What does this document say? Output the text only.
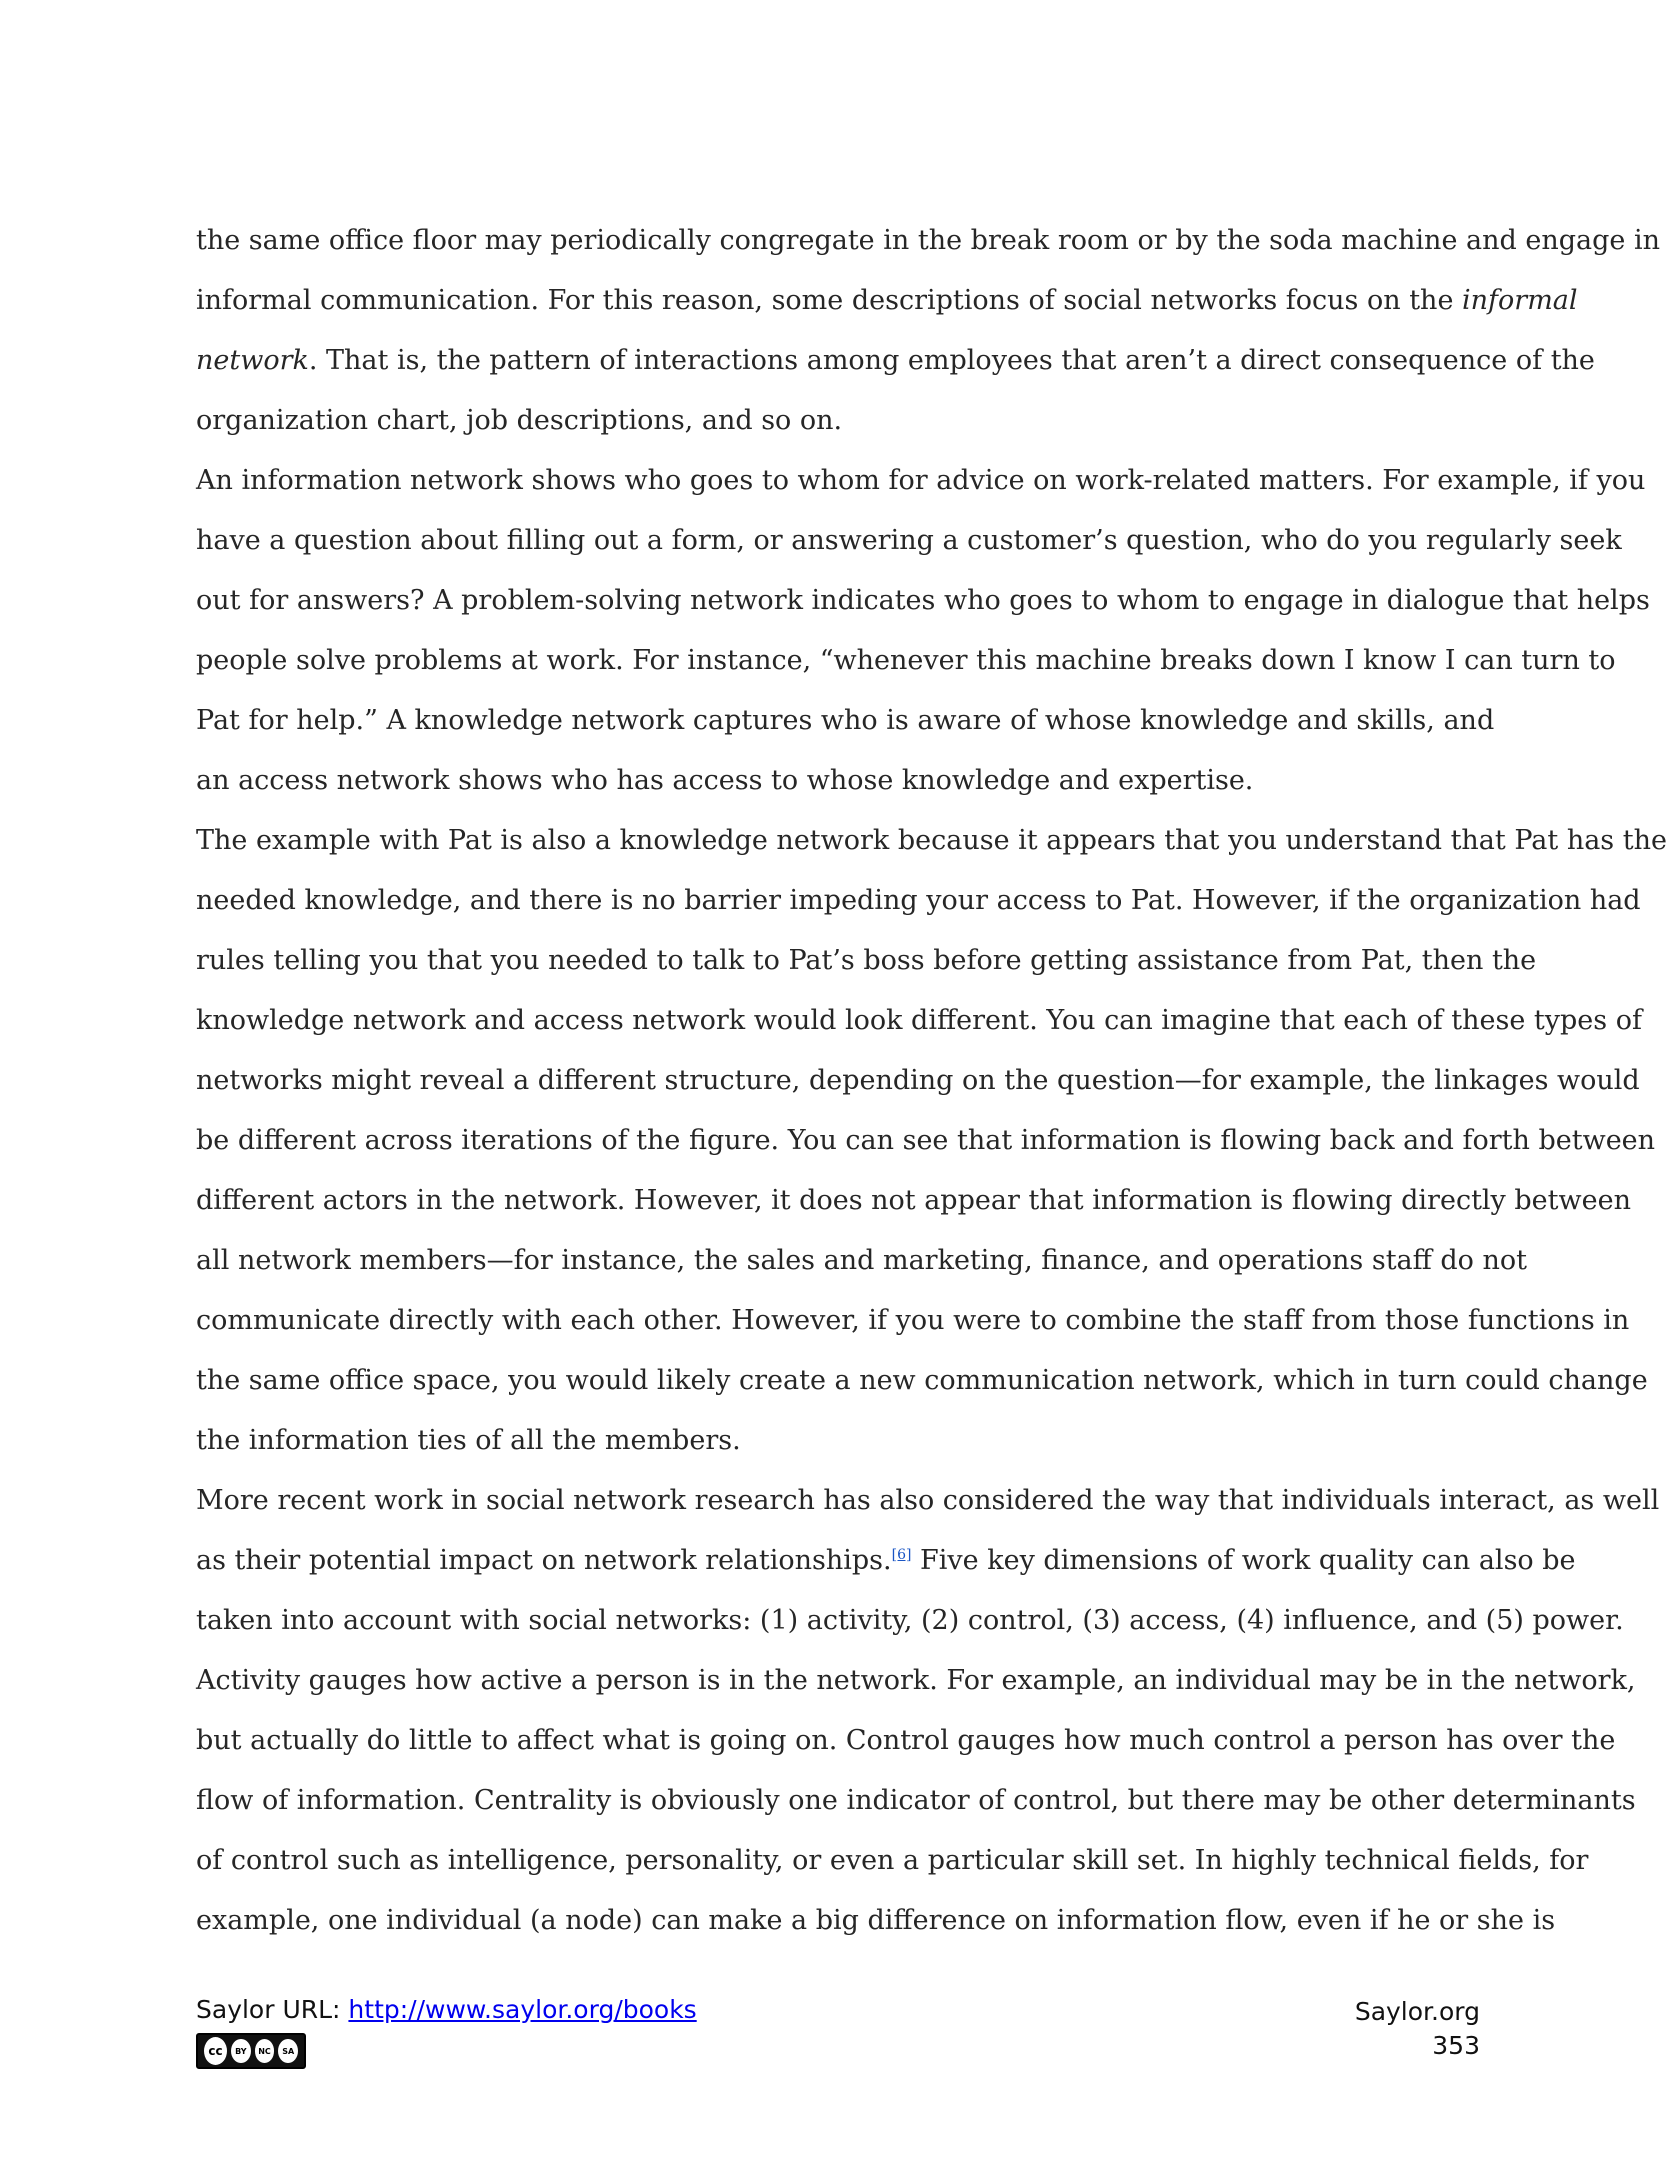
the same office floor may periodically congregate in the break room or by the soda machine and engage in
informal communication. For this reason, some descriptions of social networks focus on the informal
network. That is, the pattern of interactions among employees that aren’t a direct consequence of the
organization chart, job descriptions, and so on.
An information network shows who goes to whom for advice on work-related matters. For example, if you
have a question about filling out a form, or answering a customer’s question, who do you regularly seek
out for answers? A problem-solving network indicates who goes to whom to engage in dialogue that helps
people solve problems at work. For instance, “whenever this machine breaks down I know I can turn to
Pat for help.” A knowledge network captures who is aware of whose knowledge and skills, and
an access network shows who has access to whose knowledge and expertise.
The example with Pat is also a knowledge network because it appears that you understand that Pat has the
needed knowledge, and there is no barrier impeding your access to Pat. However, if the organization had
rules telling you that you needed to talk to Pat’s boss before getting assistance from Pat, then the
knowledge network and access network would look different. You can imagine that each of these types of
networks might reveal a different structure, depending on the question—for example, the linkages would
be different across iterations of the figure. You can see that information is flowing back and forth between
different actors in the network. However, it does not appear that information is flowing directly between
all network members—for instance, the sales and marketing, finance, and operations staff do not
communicate directly with each other. However, if you were to combine the staff from those functions in
the same office space, you would likely create a new communication network, which in turn could change
the information ties of all the members.
More recent work in social network research has also considered the way that individuals interact, as well
as their potential impact on network relationships.[6] Five key dimensions of work quality can also be
taken into account with social networks: (1) activity, (2) control, (3) access, (4) influence, and (5) power.
Activity gauges how active a person is in the network. For example, an individual may be in the network,
but actually do little to affect what is going on. Control gauges how much control a person has over the
flow of information. Centrality is obviously one indicator of control, but there may be other determinants
of control such as intelligence, personality, or even a particular skill set. In highly technical fields, for
example, one individual (a node) can make a big difference on information flow, even if he or she is
Saylor URL: http://www.saylor.org/books	Saylor.org
353
cc	BY	NC	SA
